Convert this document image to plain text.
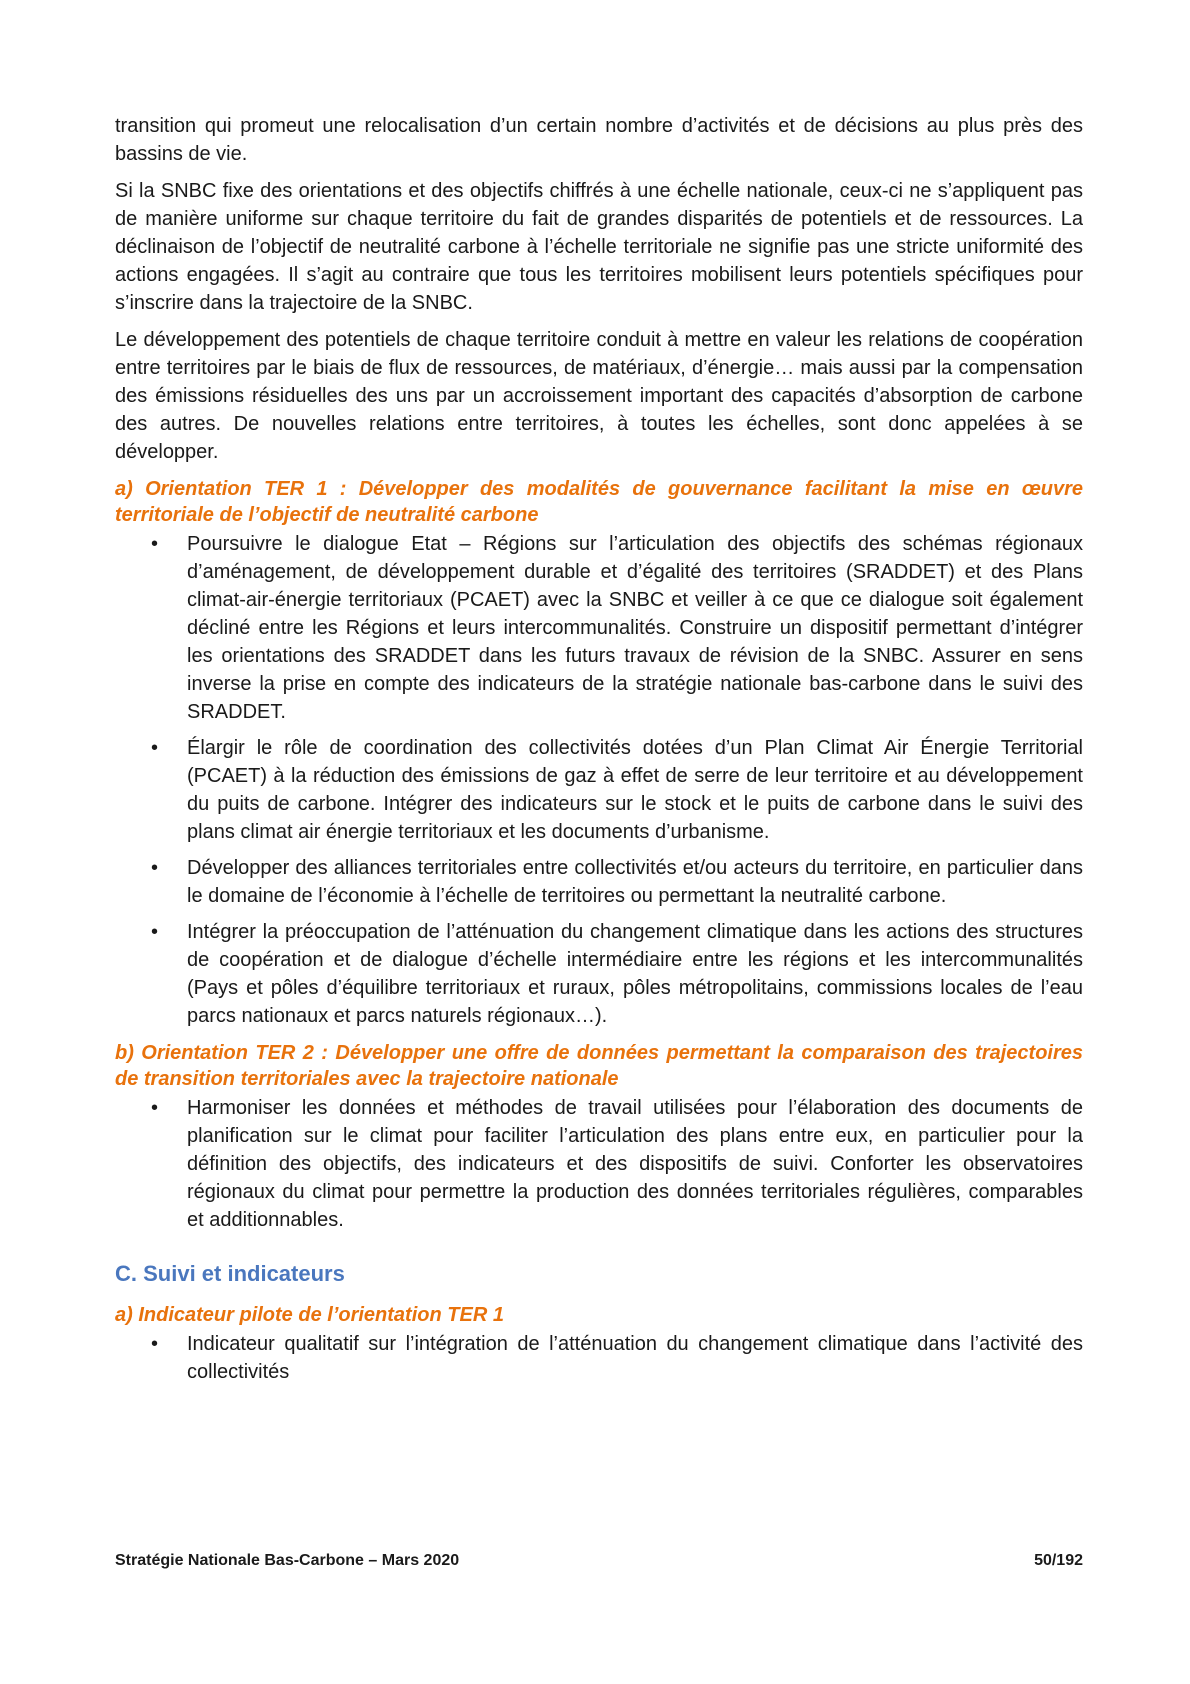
transition qui promeut une relocalisation d’un certain nombre d’activités et de décisions au plus près des bassins de vie.

Si la SNBC fixe des orientations et des objectifs chiffrés à une échelle nationale, ceux-ci ne s’appliquent pas de manière uniforme sur chaque territoire du fait de grandes disparités de potentiels et de ressources. La déclinaison de l’objectif de neutralité carbone à l’échelle territoriale ne signifie pas une stricte uniformité des actions engagées. Il s’agit au contraire que tous les territoires mobilisent leurs potentiels spécifiques pour s’inscrire dans la trajectoire de la SNBC.

Le développement des potentiels de chaque territoire conduit à mettre en valeur les relations de coopération entre territoires par le biais de flux de ressources, de matériaux, d’énergie… mais aussi par la compensation des émissions résiduelles des uns par un accroissement important des capacités d’absorption de carbone des autres. De nouvelles relations entre territoires, à toutes les échelles, sont donc appelées à se développer.

a) Orientation TER 1 : Développer des modalités de gouvernance facilitant la mise en œuvre territoriale de l’objectif de neutralité carbone
• Poursuivre le dialogue Etat – Régions sur l’articulation des objectifs des schémas régionaux d’aménagement, de développement durable et d’égalité des territoires (SRADDET) et des Plans climat-air-énergie territoriaux (PCAET) avec la SNBC et veiller à ce que ce dialogue soit également décliné entre les Régions et leurs intercommunalités. Construire un dispositif permettant d’intégrer les orientations des SRADDET dans les futurs travaux de révision de la SNBC. Assurer en sens inverse la prise en compte des indicateurs de la stratégie nationale bas-carbone dans le suivi des SRADDET.
• Élargir le rôle de coordination des collectivités dotées d’un Plan Climat Air Énergie Territorial (PCAET) à la réduction des émissions de gaz à effet de serre de leur territoire et au développement du puits de carbone. Intégrer des indicateurs sur le stock et le puits de carbone dans le suivi des plans climat air énergie territoriaux et les documents d’urbanisme.
• Développer des alliances territoriales entre collectivités et/ou acteurs du territoire, en particulier dans le domaine de l’économie à l’échelle de territoires ou permettant la neutralité carbone.
• Intégrer la préoccupation de l’atténuation du changement climatique dans les actions des structures de coopération et de dialogue d’échelle intermédiaire entre les régions et les intercommunalités (Pays et pôles d’équilibre territoriaux et ruraux, pôles métropolitains, commissions locales de l’eau parcs nationaux et parcs naturels régionaux…).
b) Orientation TER 2 : Développer une offre de données permettant la comparaison des trajectoires de transition territoriales avec la trajectoire nationale
• Harmoniser les données et méthodes de travail utilisées pour l’élaboration des documents de planification sur le climat pour faciliter l’articulation des plans entre eux, en particulier pour la définition des objectifs, des indicateurs et des dispositifs de suivi. Conforter les observatoires régionaux du climat pour permettre la production des données territoriales régulières, comparables et additionnables.
C. Suivi et indicateurs
a) Indicateur pilote de l’orientation TER 1
• Indicateur qualitatif sur l’intégration de l’atténuation du changement climatique dans l’activité des collectivités
Stratégie Nationale Bas-Carbone – Mars 2020	50/192
